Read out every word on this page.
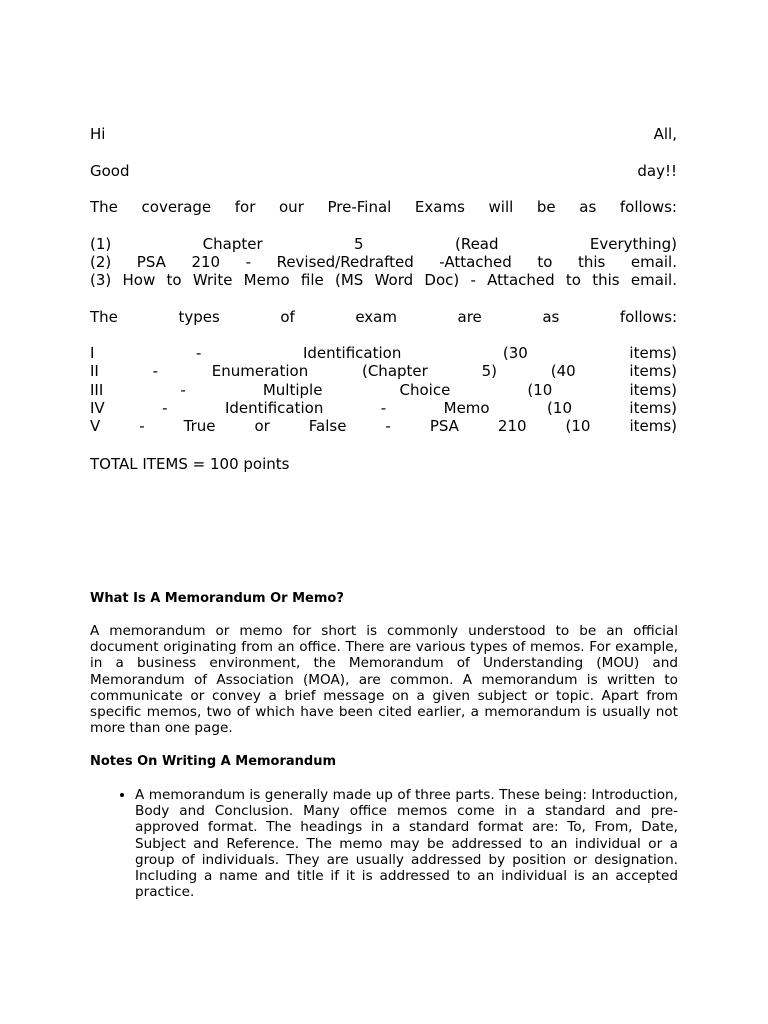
Hi All,
Good day!!
The coverage for our Pre-Final Exams will be as follows:
(1) Chapter 5 (Read Everything)
(2) PSA 210 - Revised/Redrafted -Attached to this email.
(3) How to Write Memo file (MS Word Doc) - Attached to this email.
The types of exam are as follows:
I - Identification (30 items)
II - Enumeration (Chapter 5) (40 items)
III - Multiple Choice (10 items)
IV - Identification - Memo (10 items)
V - True or False - PSA 210 (10 items)
TOTAL ITEMS = 100 points

What Is A Memorandum Or Memo?

A memorandum or memo for short is commonly understood to be an official document originating from an office. There are various types of memos. For example, in a business environment, the Memorandum of Understanding (MOU) and Memorandum of Association (MOA), are common. A memorandum is written to communicate or convey a brief message on a given subject or topic. Apart from specific memos, two of which have been cited earlier, a memorandum is usually not more than one page.

Notes On Writing A Memorandum

• A memorandum is generally made up of three parts. These being: Introduction, Body and Conclusion. Many office memos come in a standard and pre-approved format. The headings in a standard format are: To, From, Date, Subject and Reference. The memo may be addressed to an individual or a group of individuals. They are usually addressed by position or designation. Including a name and title if it is addressed to an individual is an accepted practice.
